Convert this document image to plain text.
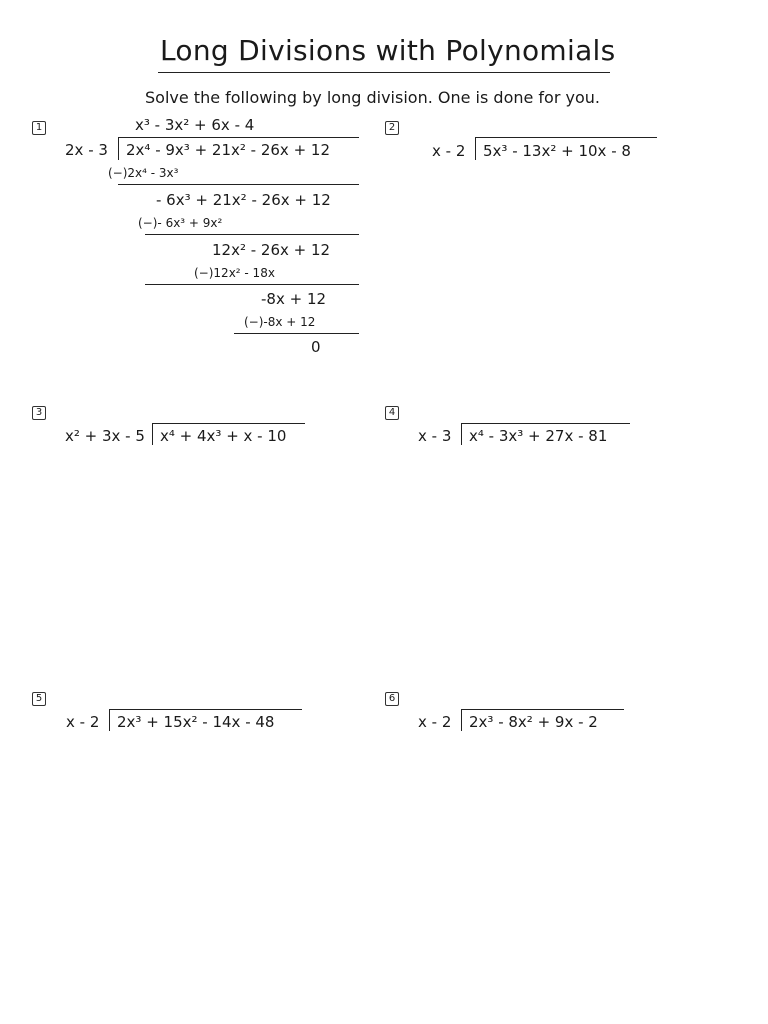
Long Divisions with Polynomials
Solve the following by long division. One is done for you.
1	x³ - 3x² + 6x - 4
2x - 3 2x⁴ - 9x³ + 21x² - 26x + 12
(−)2x⁴ - 3x³
- 6x³ + 21x² - 26x + 12
(−)- 6x³ + 9x²
12x² - 26x + 12
(−)12x² - 18x
-8x + 12
(−)-8x + 12
0
2
x - 2 5x³ - 13x² + 10x - 8
3
x² + 3x - 5 x⁴ + 4x³ + x - 10
4
x - 3 x⁴ - 3x³ + 27x - 81
5
x - 2 2x³ + 15x² - 14x - 48
6
x - 2 2x³ - 8x² + 9x - 2
